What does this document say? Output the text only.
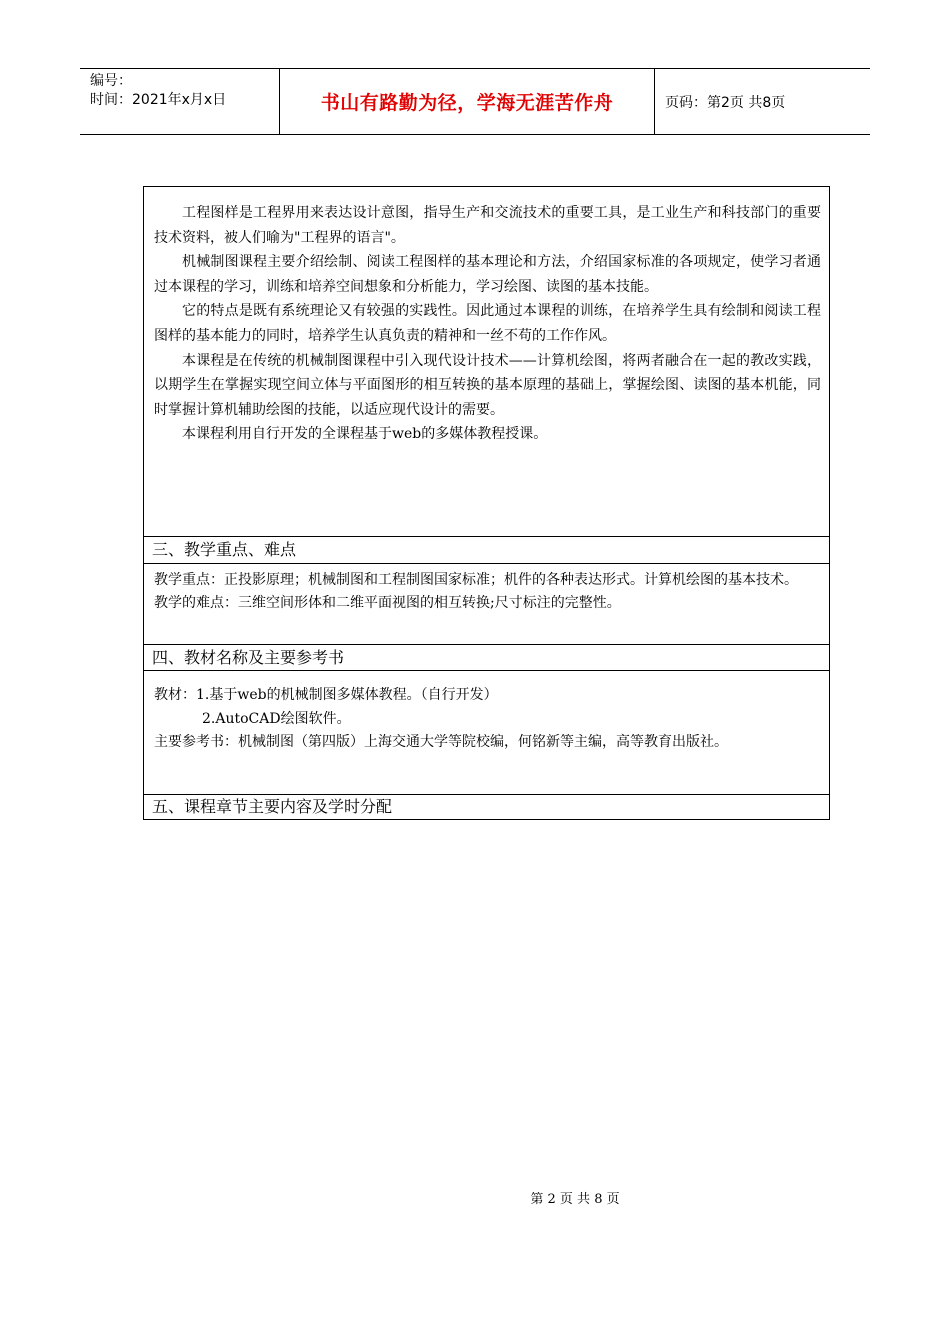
编号：
时间：2021年x月x日	书山有路勤为径，学海无涯苦作舟	页码：第2页 共8页

工程图样是工程界用来表达设计意图，指导生产和交流技术的重要工具，是工业生产和科技部门的重要技术资料，被人们喻为"工程界的语言"。

机械制图课程主要介绍绘制、阅读工程图样的基本理论和方法，介绍国家标准的各项规定，使学习者通过本课程的学习，训练和培养空间想象和分析能力，学习绘图、读图的基本技能。

它的特点是既有系统理论又有较强的实践性。因此通过本课程的训练，在培养学生具有绘制和阅读工程图样的基本能力的同时，培养学生认真负责的精神和一丝不苟的工作作风。

本课程是在传统的机械制图课程中引入现代设计技术——计算机绘图，将两者融合在一起的教改实践，以期学生在掌握实现空间立体与平面图形的相互转换的基本原理的基础上，掌握绘图、读图的基本机能，同时掌握计算机辅助绘图的技能，以适应现代设计的需要。

本课程利用自行开发的全课程基于web的多媒体教程授课。

三、教学重点、难点

教学重点：正投影原理；机械制图和工程制图国家标准；机件的各种表达形式。计算机绘图的基本技术。

教学的难点：三维空间形体和二维平面视图的相互转换;尺寸标注的完整性。

四、教材名称及主要参考书

教材：1.基于web的机械制图多媒体教程。（自行开发）

2.AutoCAD绘图软件。

主要参考书：机械制图（第四版）上海交通大学等院校编，何铭新等主编，高等教育出版社。

五、课程章节主要内容及学时分配
第 2 页 共 8 页
